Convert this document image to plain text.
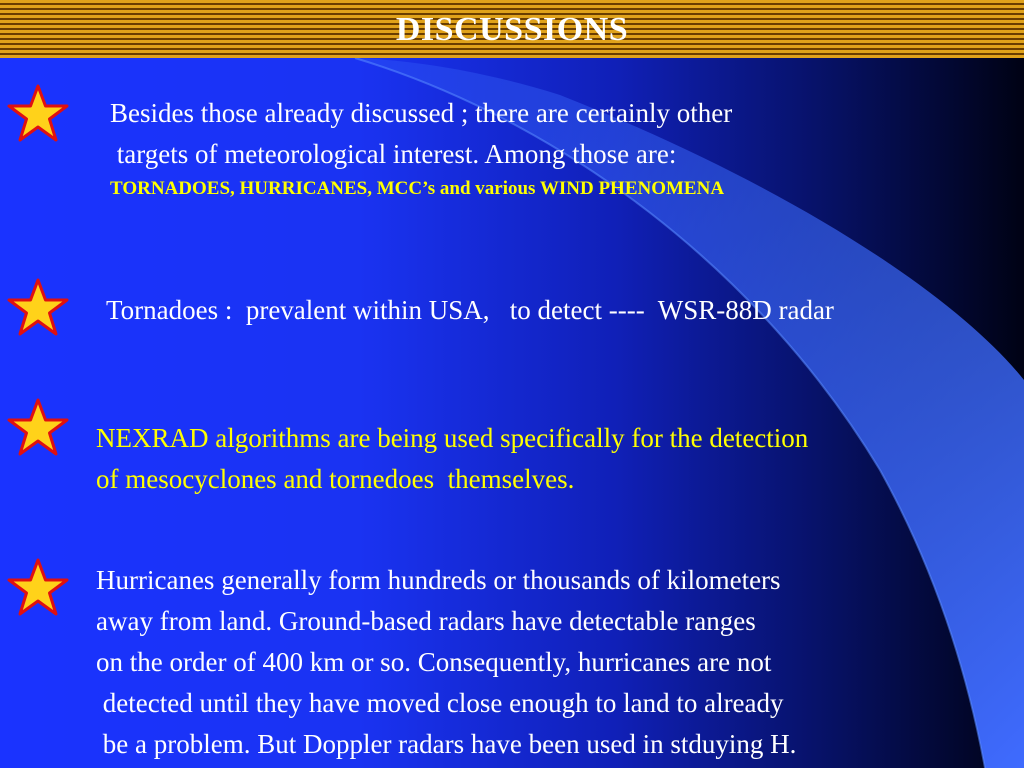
DISCUSSIONS
Besides those already discussed ; there are certainly other
targets of meteorological interest. Among those are:
TORNADOES, HURRICANES, MCC’s and various WIND PHENOMENA
Tornadoes :  prevalent within USA,   to detect ----  WSR-88D radar
NEXRAD algorithms are being used specifically for the detection
of mesocyclones and tornedoes  themselves.
Hurricanes generally form hundreds or thousands of kilometers
away from land. Ground-based radars have detectable ranges
on the order of 400 km or so. Consequently, hurricanes are not
detected until they have moved close enough to land to already
be a problem. But Doppler radars have been used in stduying H.
